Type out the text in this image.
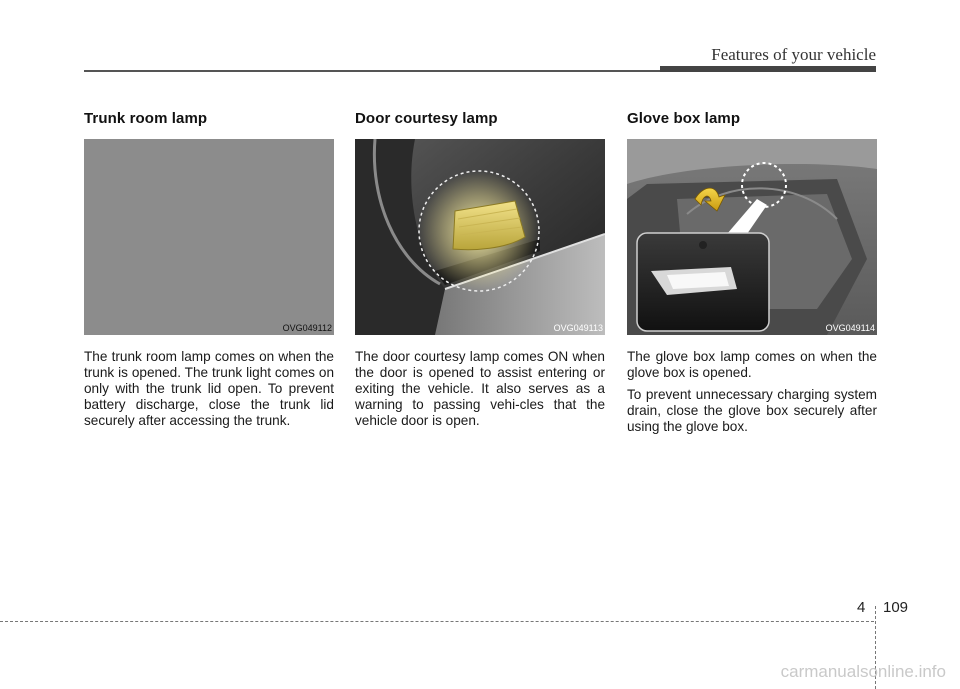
Features of your vehicle
Trunk room lamp
OVG049112

The trunk room lamp comes on when the trunk is opened. The trunk light comes on only with the trunk lid open. To prevent battery discharge, close the trunk lid securely after accessing the trunk.

Door courtesy lamp
OVG049113

The door courtesy lamp comes ON when the door is opened to assist entering or exiting the vehicle. It also serves as a warning to passing vehi-cles that the vehicle door is open.

Glove box lamp
OVG049114

The glove box lamp comes on when the glove box is opened.

To prevent unnecessary charging system drain, close the glove box securely after using the glove box.

4 109
carmanualsonline.info
